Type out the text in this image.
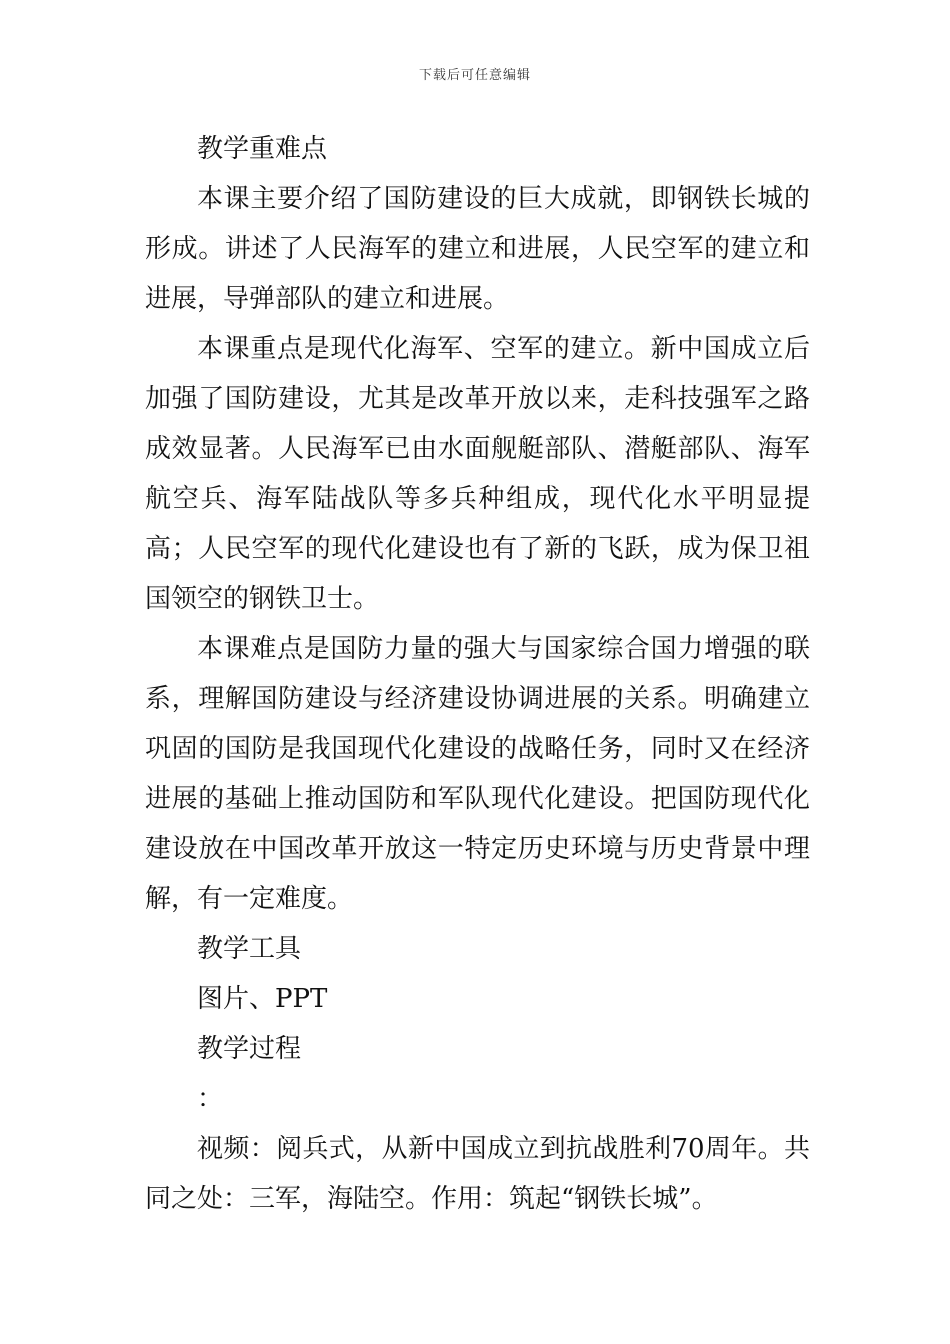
下载后可任意编辑

教学重难点

本课主要介绍了国防建设的巨大成就，即钢铁长城的形成。讲述了人民海军的建立和进展，人民空军的建立和进展，导弹部队的建立和进展。

本课重点是现代化海军、空军的建立。新中国成立后加强了国防建设，尤其是改革开放以来，走科技强军之路成效显著。人民海军已由水面舰艇部队、潜艇部队、海军航空兵、海军陆战队等多兵种组成，现代化水平明显提高；人民空军的现代化建设也有了新的飞跃，成为保卫祖国领空的钢铁卫士。

本课难点是国防力量的强大与国家综合国力增强的联系，理解国防建设与经济建设协调进展的关系。明确建立巩固的国防是我国现代化建设的战略任务，同时又在经济进展的基础上推动国防和军队现代化建设。把国防现代化建设放在中国改革开放这一特定历史环境与历史背景中理解，有一定难度。

教学工具

图片、PPT

教学过程

：

视频：阅兵式，从新中国成立到抗战胜利70周年。共同之处：三军，海陆空。作用：筑起“钢铁长城”。
